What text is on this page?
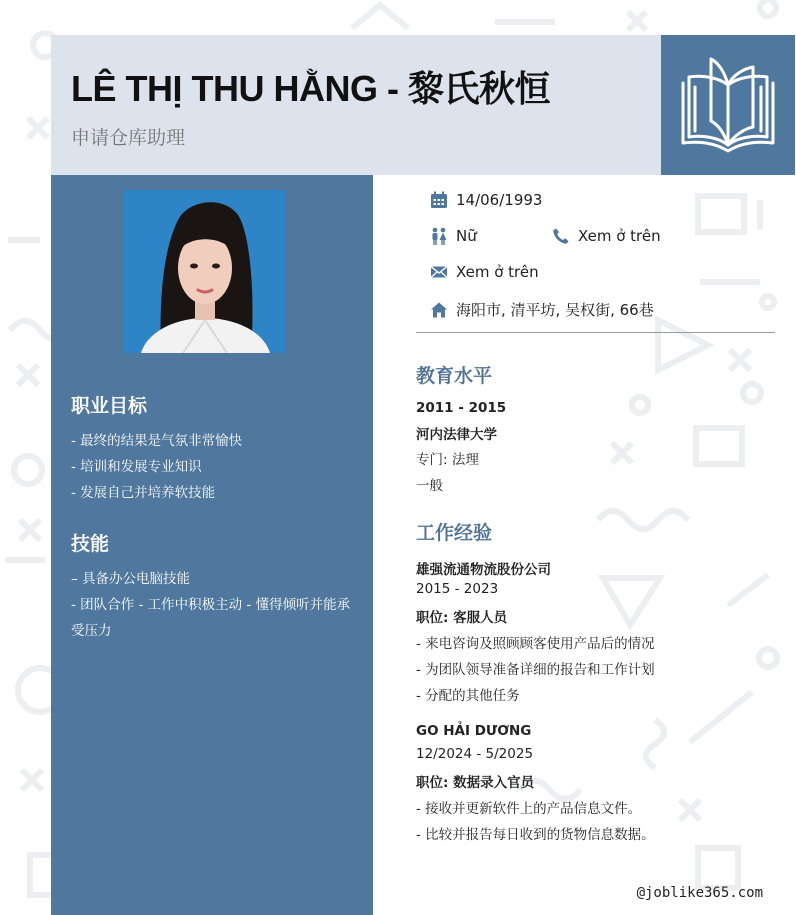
LÊ THỊ THU HẰNG - 黎氏秋恒
申请仓库助理
职业目标
- 最终的结果是气氛非常愉快
- 培训和发展专业知识
- 发展自己并培养软技能
技能
– 具备办公电脑技能
- 团队合作 - 工作中积极主动 - 懂得倾听并能承
受压力
14/06/1993
Nữ	Xem ở trên
Xem ở trên
海阳市, 清平坊, 吴权街, 66巷
教育水平
2011 - 2015
河内法律大学
专门: 法理
一般
工作经验
雄强流通物流股份公司
2015 - 2023
职位: 客服人员
- 来电咨询及照顾顾客使用产品后的情况
- 为团队领导准备详细的报告和工作计划
- 分配的其他任务
GO HẢI DƯƠNG
12/2024 - 5/2025
职位: 数据录入官员
- 接收并更新软件上的产品信息文件。
- 比较并报告每日收到的货物信息数据。
@joblike365.com
